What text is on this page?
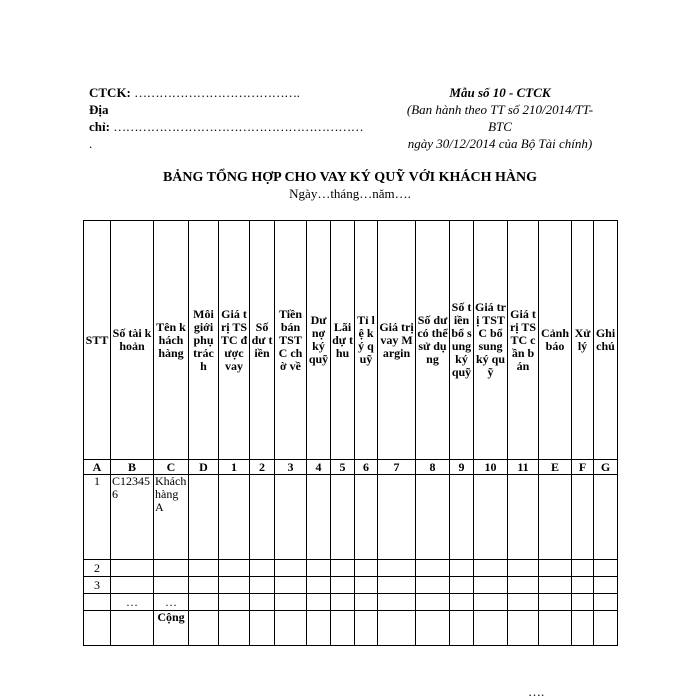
CTCK: ………………………………….
Địa
chỉ: ……………………………………………………
.
Mẫu số 10 - CTCK
(Ban hành theo TT số 210/2014/TT-
BTC
ngày 30/12/2014 của Bộ Tài chính)
BẢNG TỔNG HỢP CHO VAY KÝ QUỸ VỚI KHÁCH HÀNG
Ngày…tháng…năm….
STT	Số tài khoản	Tên khách hàng	Môi giới phụ trách	Giá trị TSTC được vay	Số dư tiền	Tiền bán TSTC chờ về	Dư nợ ký quỹ	Lãi dự thu	Tỉ lệ ký quỹ	Giá trị vay Margin	Số dư có thể sử dụng	Số tiền bổ sung ký quỹ	Giá trị TSTC bổ sung ký quỹ	Giá trị TSTC cần bán	Cảnh báo	Xử lý	Ghi chú
A	B	C	D	1	2	3	4	5	6	7	8	9	10	11	E	F	G
1	C123456	Khách hàng A															
2																	
3																	
	…	…															
		Cộng															
….
